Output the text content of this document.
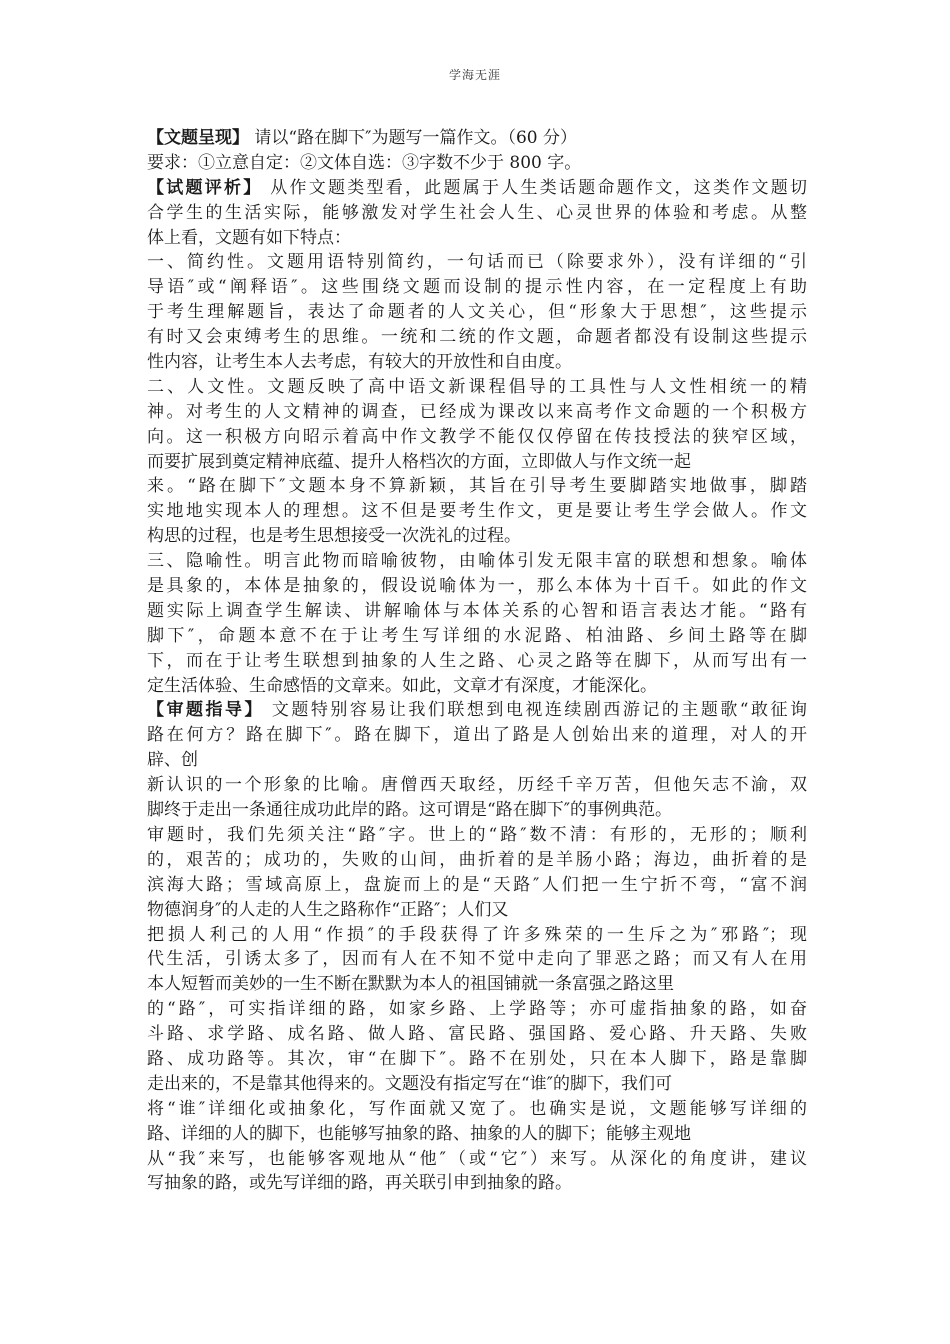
学海无涯
【文题呈现】 请以“路在脚下″为题写一篇作文。（60 分）
要求：①立意自定：②文体自选：③字数不少于 800 字。
【试题评析】 从作文题类型看，此题属于人生类话题命题作文，这类作文题切
合学生的生活实际，能够激发对学生社会人生、心灵世界的体验和考虑。从整
体上看，文题有如下特点：
一、简约性。文题用语特别简约，一句话而已（除要求外），没有详细的“引
导语″或“阐释语″。这些围绕文题而设制的提示性内容，在一定程度上有助
于考生理解题旨，表达了命题者的人文关心，但“形象大于思想″，这些提示
有时又会束缚考生的思维。一统和二统的作文题，命题者都没有设制这些提示
性内容，让考生本人去考虑，有较大的开放性和自由度。
二、人文性。文题反映了高中语文新课程倡导的工具性与人文性相统一的精
神。对考生的人文精神的调查，已经成为课改以来高考作文命题的一个积极方
向。这一积极方向昭示着高中作文教学不能仅仅停留在传技授法的狭窄区域，
而要扩展到奠定精神底蕴、提升人格档次的方面，立即做人与作文统一起
来。“路在脚下″文题本身不算新颖，其旨在引导考生要脚踏实地做事，脚踏
实地地实现本人的理想。这不但是要考生作文，更是要让考生学会做人。作文
构思的过程，也是考生思想接受一次洗礼的过程。
三、隐喻性。明言此物而暗喻彼物，由喻体引发无限丰富的联想和想象。喻体
是具象的，本体是抽象的，假设说喻体为一，那么本体为十百千。如此的作文
题实际上调查学生解读、讲解喻体与本体关系的心智和语言表达才能。“路有
脚下″，命题本意不在于让考生写详细的水泥路、柏油路、乡间土路等在脚
下，而在于让考生联想到抽象的人生之路、心灵之路等在脚下，从而写出有一
定生活体验、生命感悟的文章来。如此，文章才有深度，才能深化。
【审题指导】 文题特别容易让我们联想到电视连续剧西游记的主题歌“敢征询
路在何方？路在脚下″。路在脚下，道出了路是人创始出来的道理，对人的开
辟、创
新认识的一个形象的比喻。唐僧西天取经，历经千辛万苦，但他矢志不渝，双
脚终于走出一条通往成功此岸的路。这可谓是“路在脚下″的事例典范。
审题时，我们先须关注“路″字。世上的“路″数不清：有形的，无形的；顺利
的，艰苦的；成功的，失败的山间，曲折着的是羊肠小路；海边，曲折着的是
滨海大路；雪域高原上，盘旋而上的是“天路″人们把一生宁折不弯，“富不润
物德润身″的人走的人生之路称作“正路″；人们又
把损人利己的人用“作损″的手段获得了许多殊荣的一生斥之为″邪路″；现
代生活，引诱太多了，因而有人在不知不觉中走向了罪恶之路；而又有人在用
本人短暂而美妙的一生不断在默默为本人的祖国铺就一条富强之路这里
的“路″，可实指详细的路，如家乡路、上学路等；亦可虚指抽象的路，如奋
斗路、求学路、成名路、做人路、富民路、强国路、爱心路、升天路、失败
路、成功路等。其次，审“在脚下″。路不在别处，只在本人脚下，路是靠脚
走出来的，不是靠其他得来的。文题没有指定写在“谁″的脚下，我们可
将“谁″详细化或抽象化，写作面就又宽了。也确实是说，文题能够写详细的
路、详细的人的脚下，也能够写抽象的路、抽象的人的脚下；能够主观地
从“我″来写，也能够客观地从“他″（或“它″）来写。从深化的角度讲，建议
写抽象的路，或先写详细的路，再关联引申到抽象的路。
